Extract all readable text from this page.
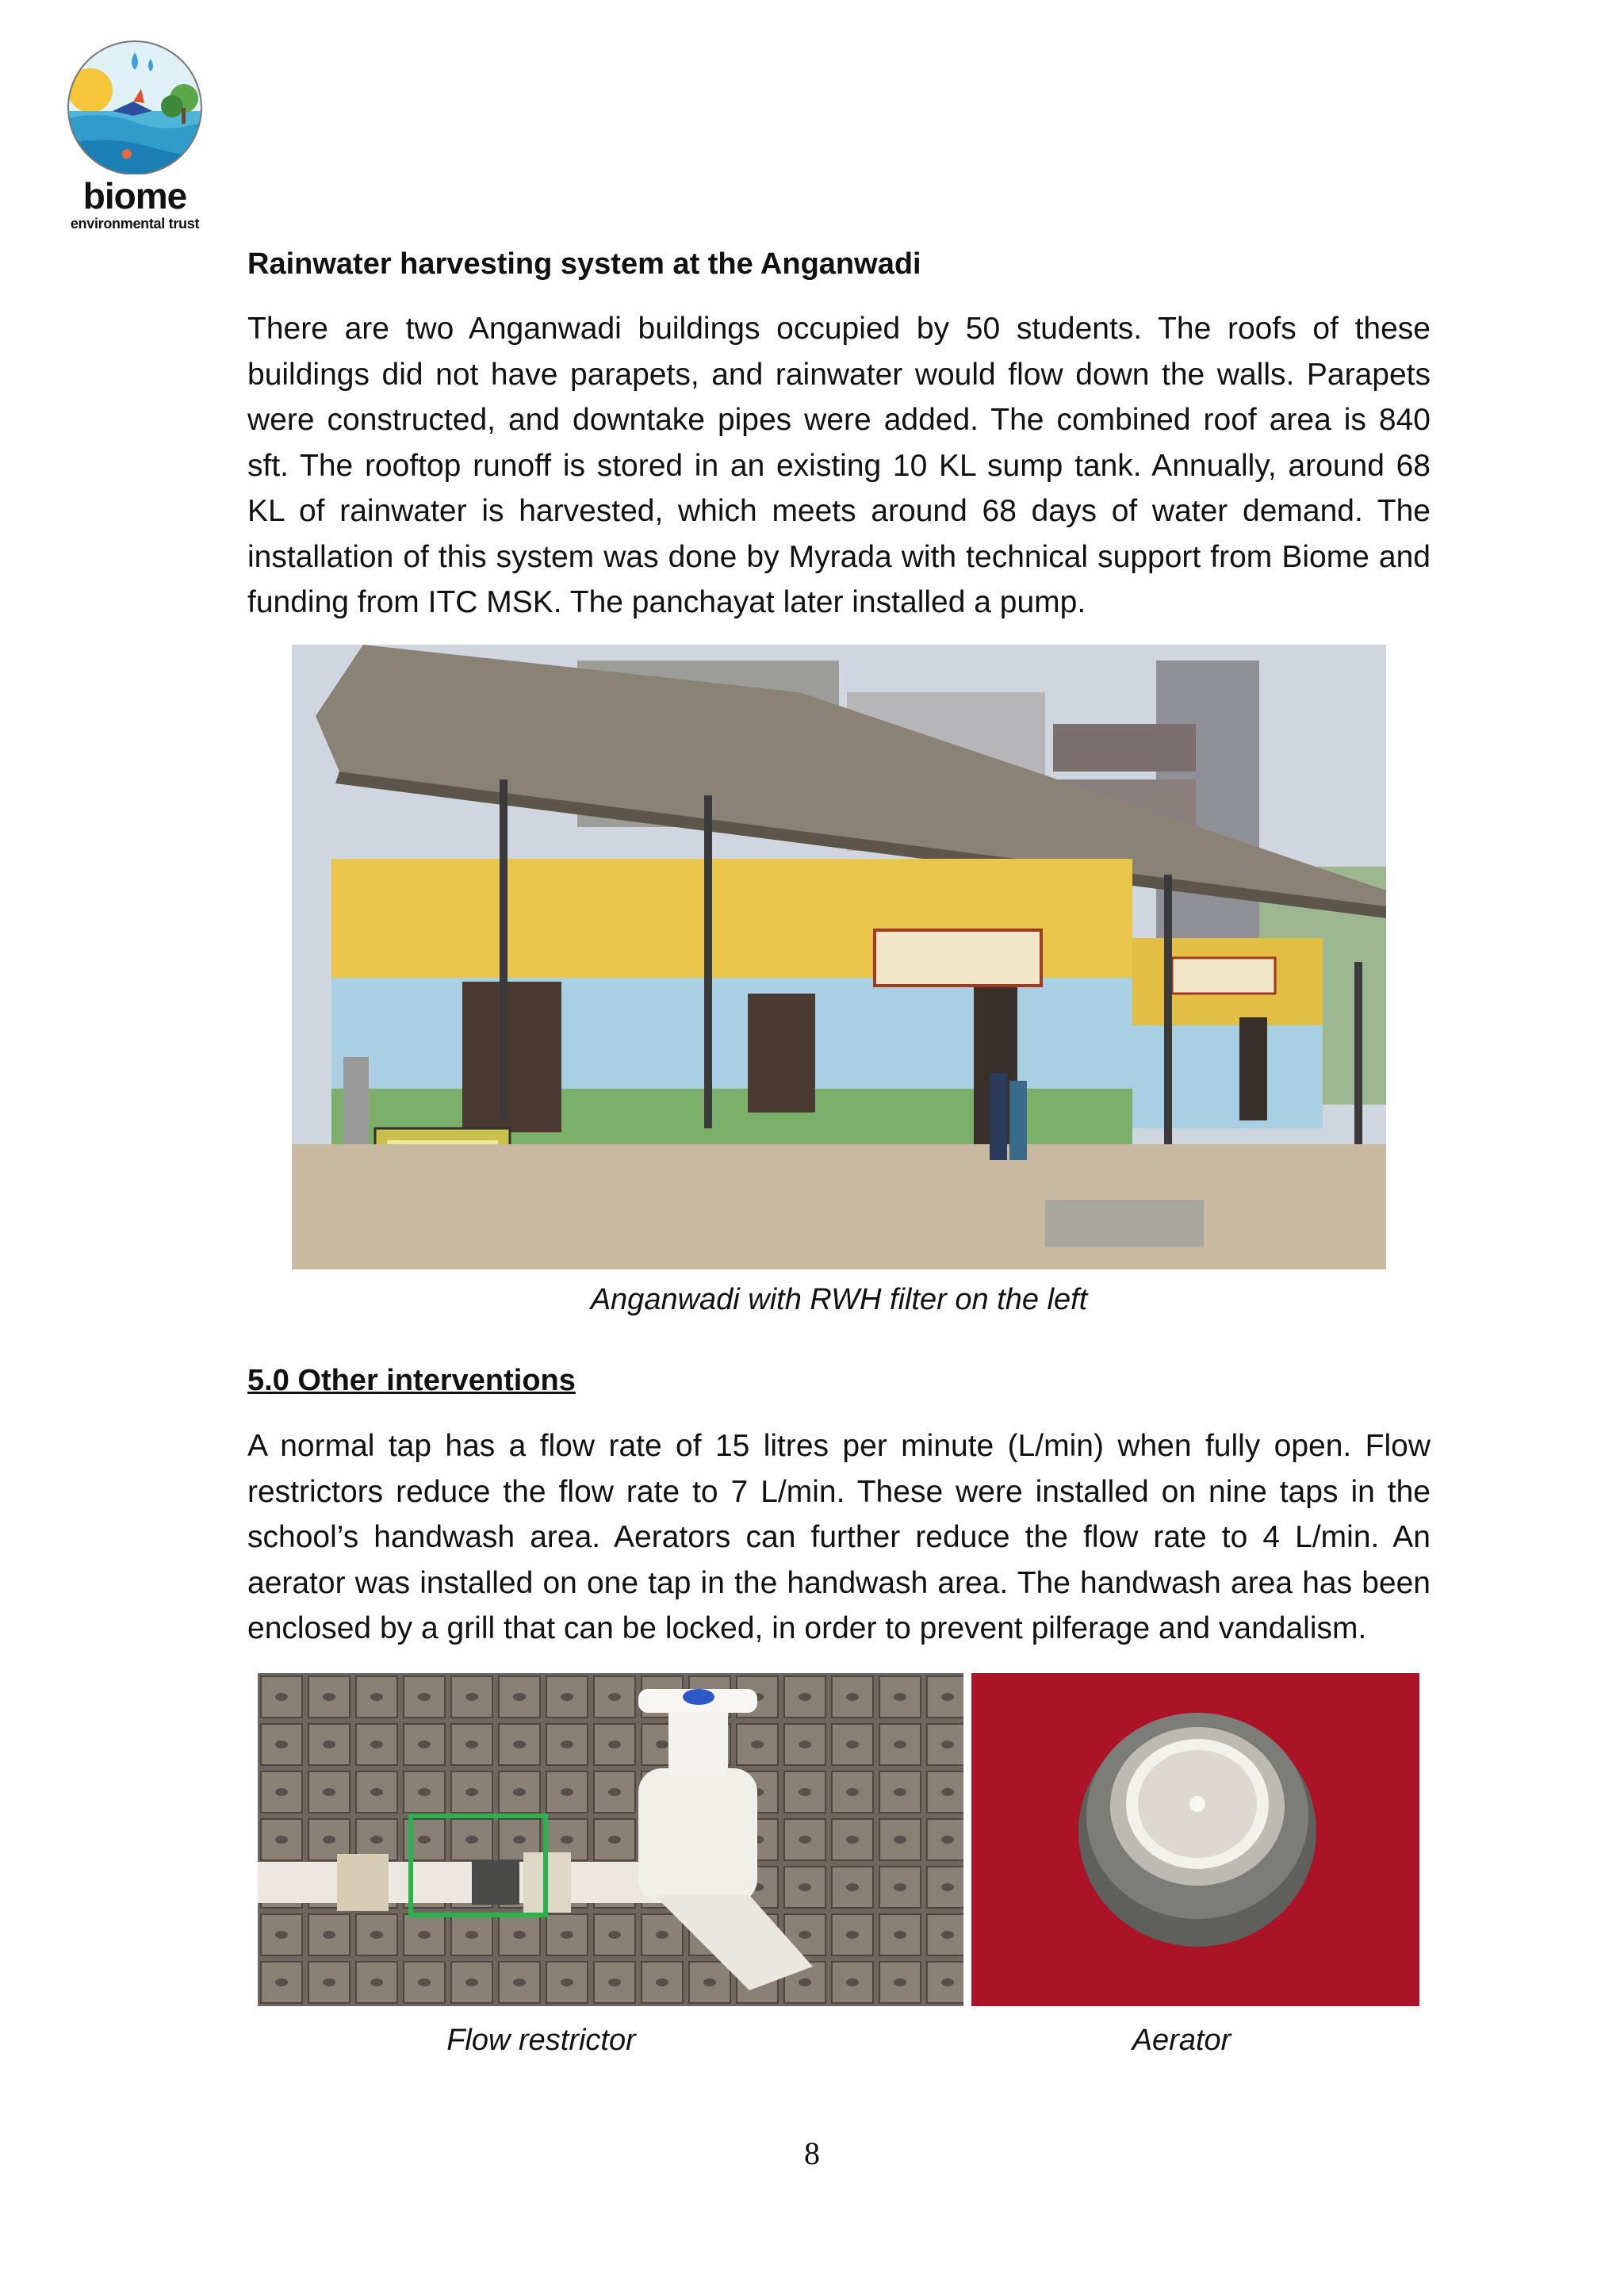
biome
environmental trust
Rainwater harvesting system at the Anganwadi
There are two Anganwadi buildings occupied by 50 students. The roofs of these buildings did not have parapets, and rainwater would flow down the walls. Parapets were constructed, and downtake pipes were added. The combined roof area is 840 sft. The rooftop runoff is stored in an existing 10 KL sump tank. Annually, around 68 KL of rainwater is harvested, which meets around 68 days of water demand. The installation of this system was done by Myrada with technical support from Biome and funding from ITC MSK. The panchayat later installed a pump.
Anganwadi with RWH filter on the left
5.0 Other interventions
A normal tap has a flow rate of 15 litres per minute (L/min) when fully open. Flow restrictors reduce the flow rate to 7 L/min. These were installed on nine taps in the school’s handwash area. Aerators can further reduce the flow rate to 4 L/min. An aerator was installed on one tap in the handwash area. The handwash area has been enclosed by a grill that can be locked, in order to prevent pilferage and vandalism.
Flow restrictor	Aerator
8
